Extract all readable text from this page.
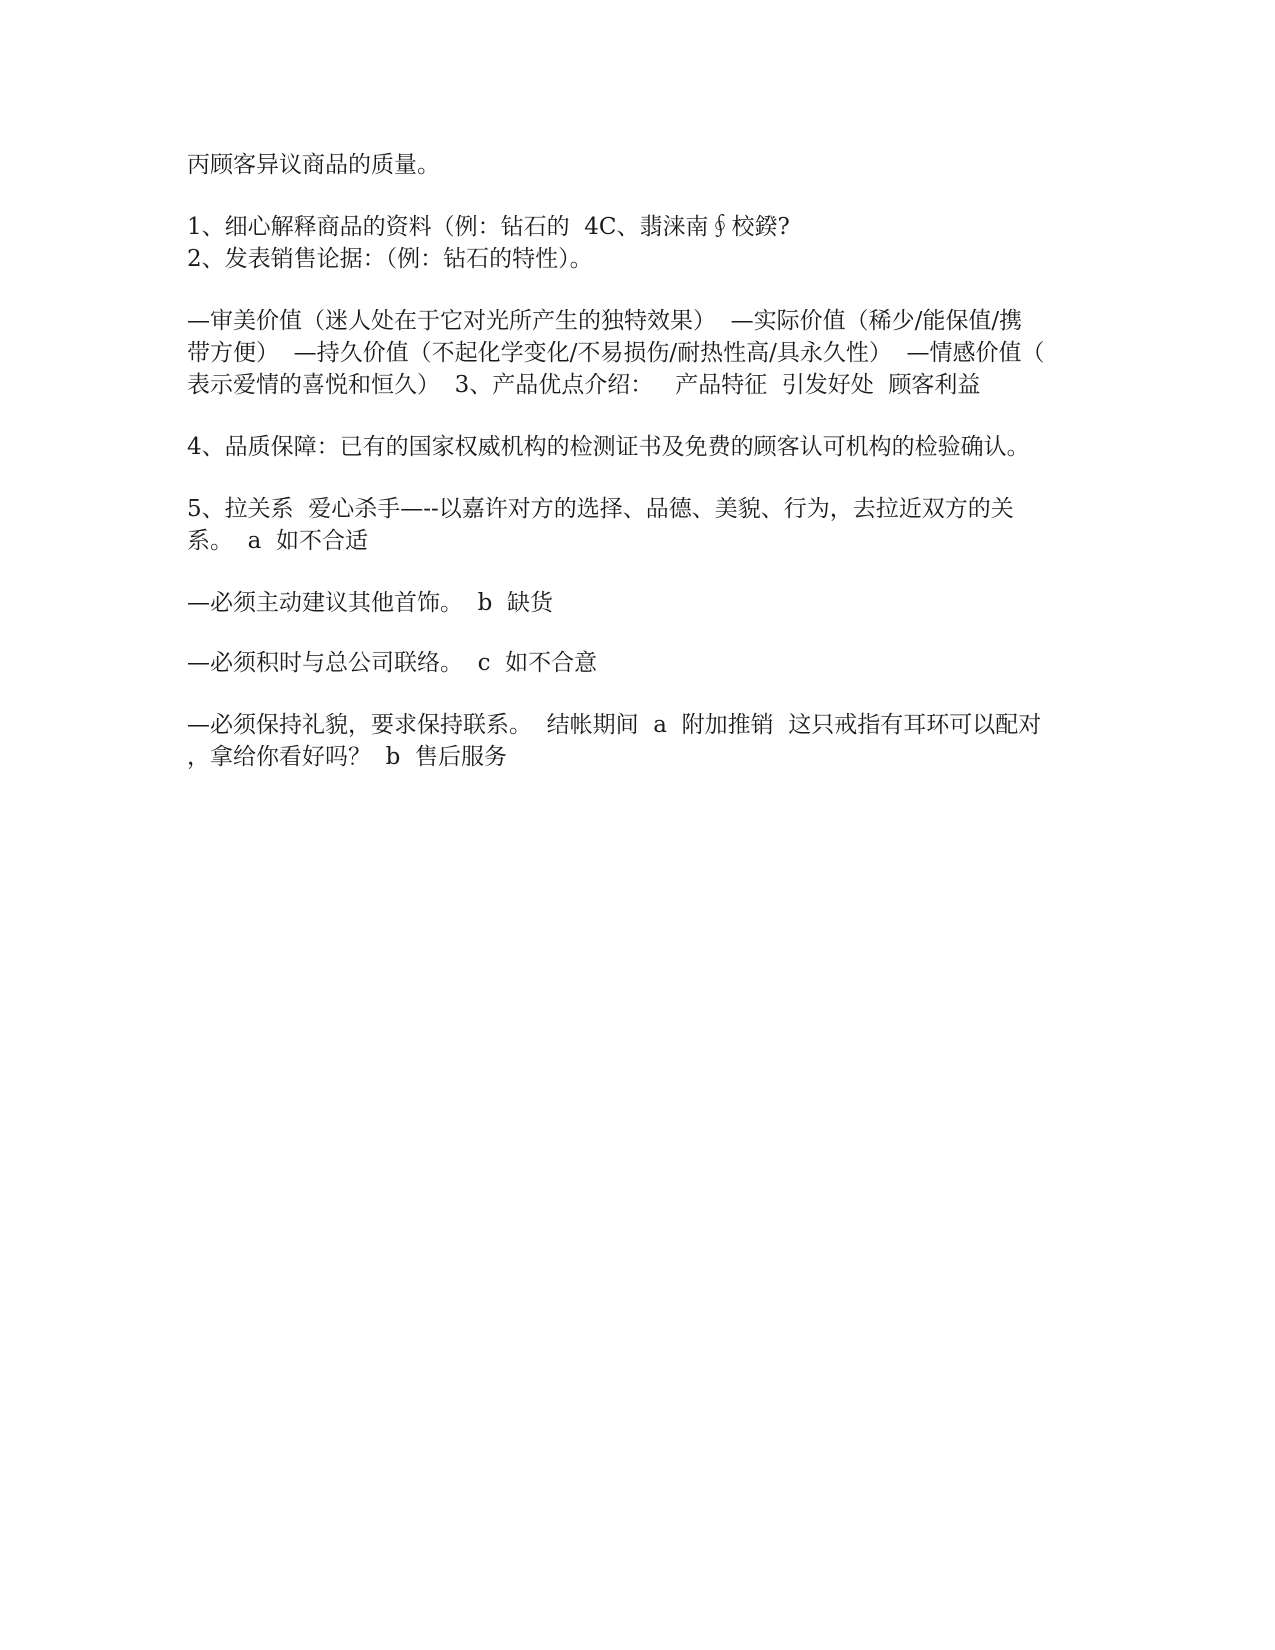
丙顾客异议商品的质量。

1、细心解释商品的资料（例：钻石的  4C、翡涞南∮校鍨?

2、发表销售论据：（例：钻石的特性）。

—审美价值（迷人处在于它对光所产生的独特效果）  —实际价值（稀少/能保值/携

带方便）  —持久价值（不起化学变化/不易损伤/耐热性高/具永久性）  —情感价值（

表示爱情的喜悦和恒久）  3、产品优点介绍：   产品特征  引发好处  顾客利益

4、品质保障：已有的国家权威机构的检测证书及免费的顾客认可机构的检验确认。

5、拉关系  爱心杀手—--以嘉许对方的选择、品德、美貌、行为，去拉近双方的关

系。  a  如不合适

—必须主动建议其他首饰。  b  缺货

—必须积时与总公司联络。  c  如不合意

—必须保持礼貌，要求保持联系。  结帐期间  a  附加推销  这只戒指有耳环可以配对

，拿给你看好吗？  b  售后服务
